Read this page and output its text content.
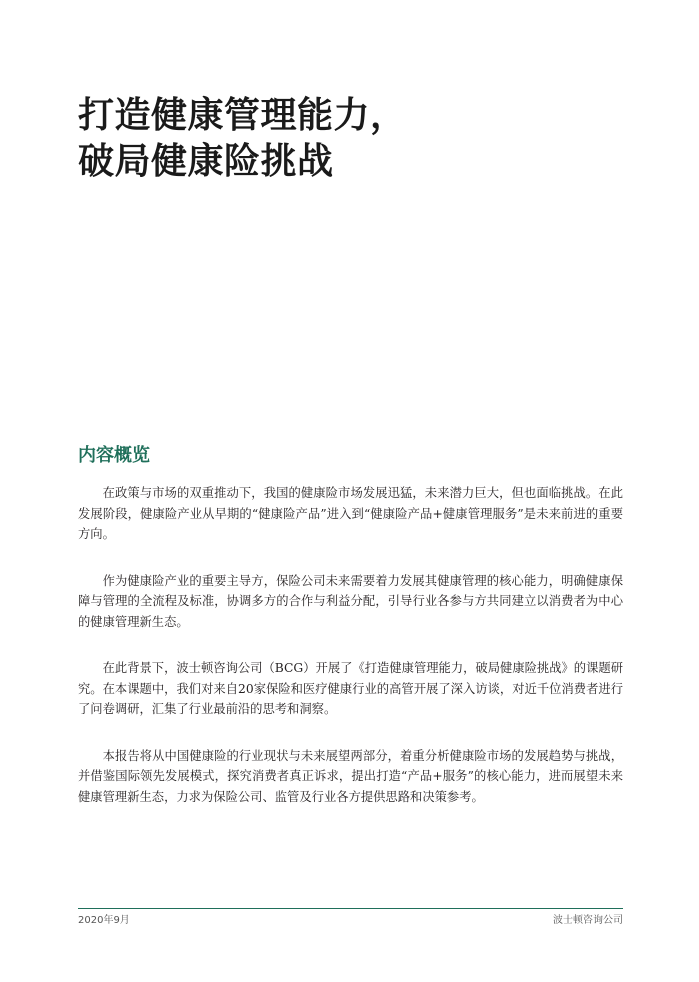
打造健康管理能力，
破局健康险挑战
内容概览

在政策与市场的双重推动下，我国的健康险市场发展迅猛，未来潜力巨大，但也面临挑战。在此发展阶段，健康险产业从早期的“健康险产品”进入到“健康险产品+健康管理服务”是未来前进的重要方向。

作为健康险产业的重要主导方，保险公司未来需要着力发展其健康管理的核心能力，明确健康保障与管理的全流程及标准，协调多方的合作与利益分配，引导行业各参与方共同建立以消费者为中心的健康管理新生态。

在此背景下，波士顿咨询公司（BCG）开展了《打造健康管理能力，破局健康险挑战》的课题研究。在本课题中，我们对来自20家保险和医疗健康行业的高管开展了深入访谈，对近千位消费者进行了问卷调研，汇集了行业最前沿的思考和洞察。

本报告将从中国健康险的行业现状与未来展望两部分，着重分析健康险市场的发展趋势与挑战，并借鉴国际领先发展模式，探究消费者真正诉求，提出打造“产品+服务”的核心能力，进而展望未来健康管理新生态，力求为保险公司、监管及行业各方提供思路和决策参考。

2020年9月	波士顿咨询公司
